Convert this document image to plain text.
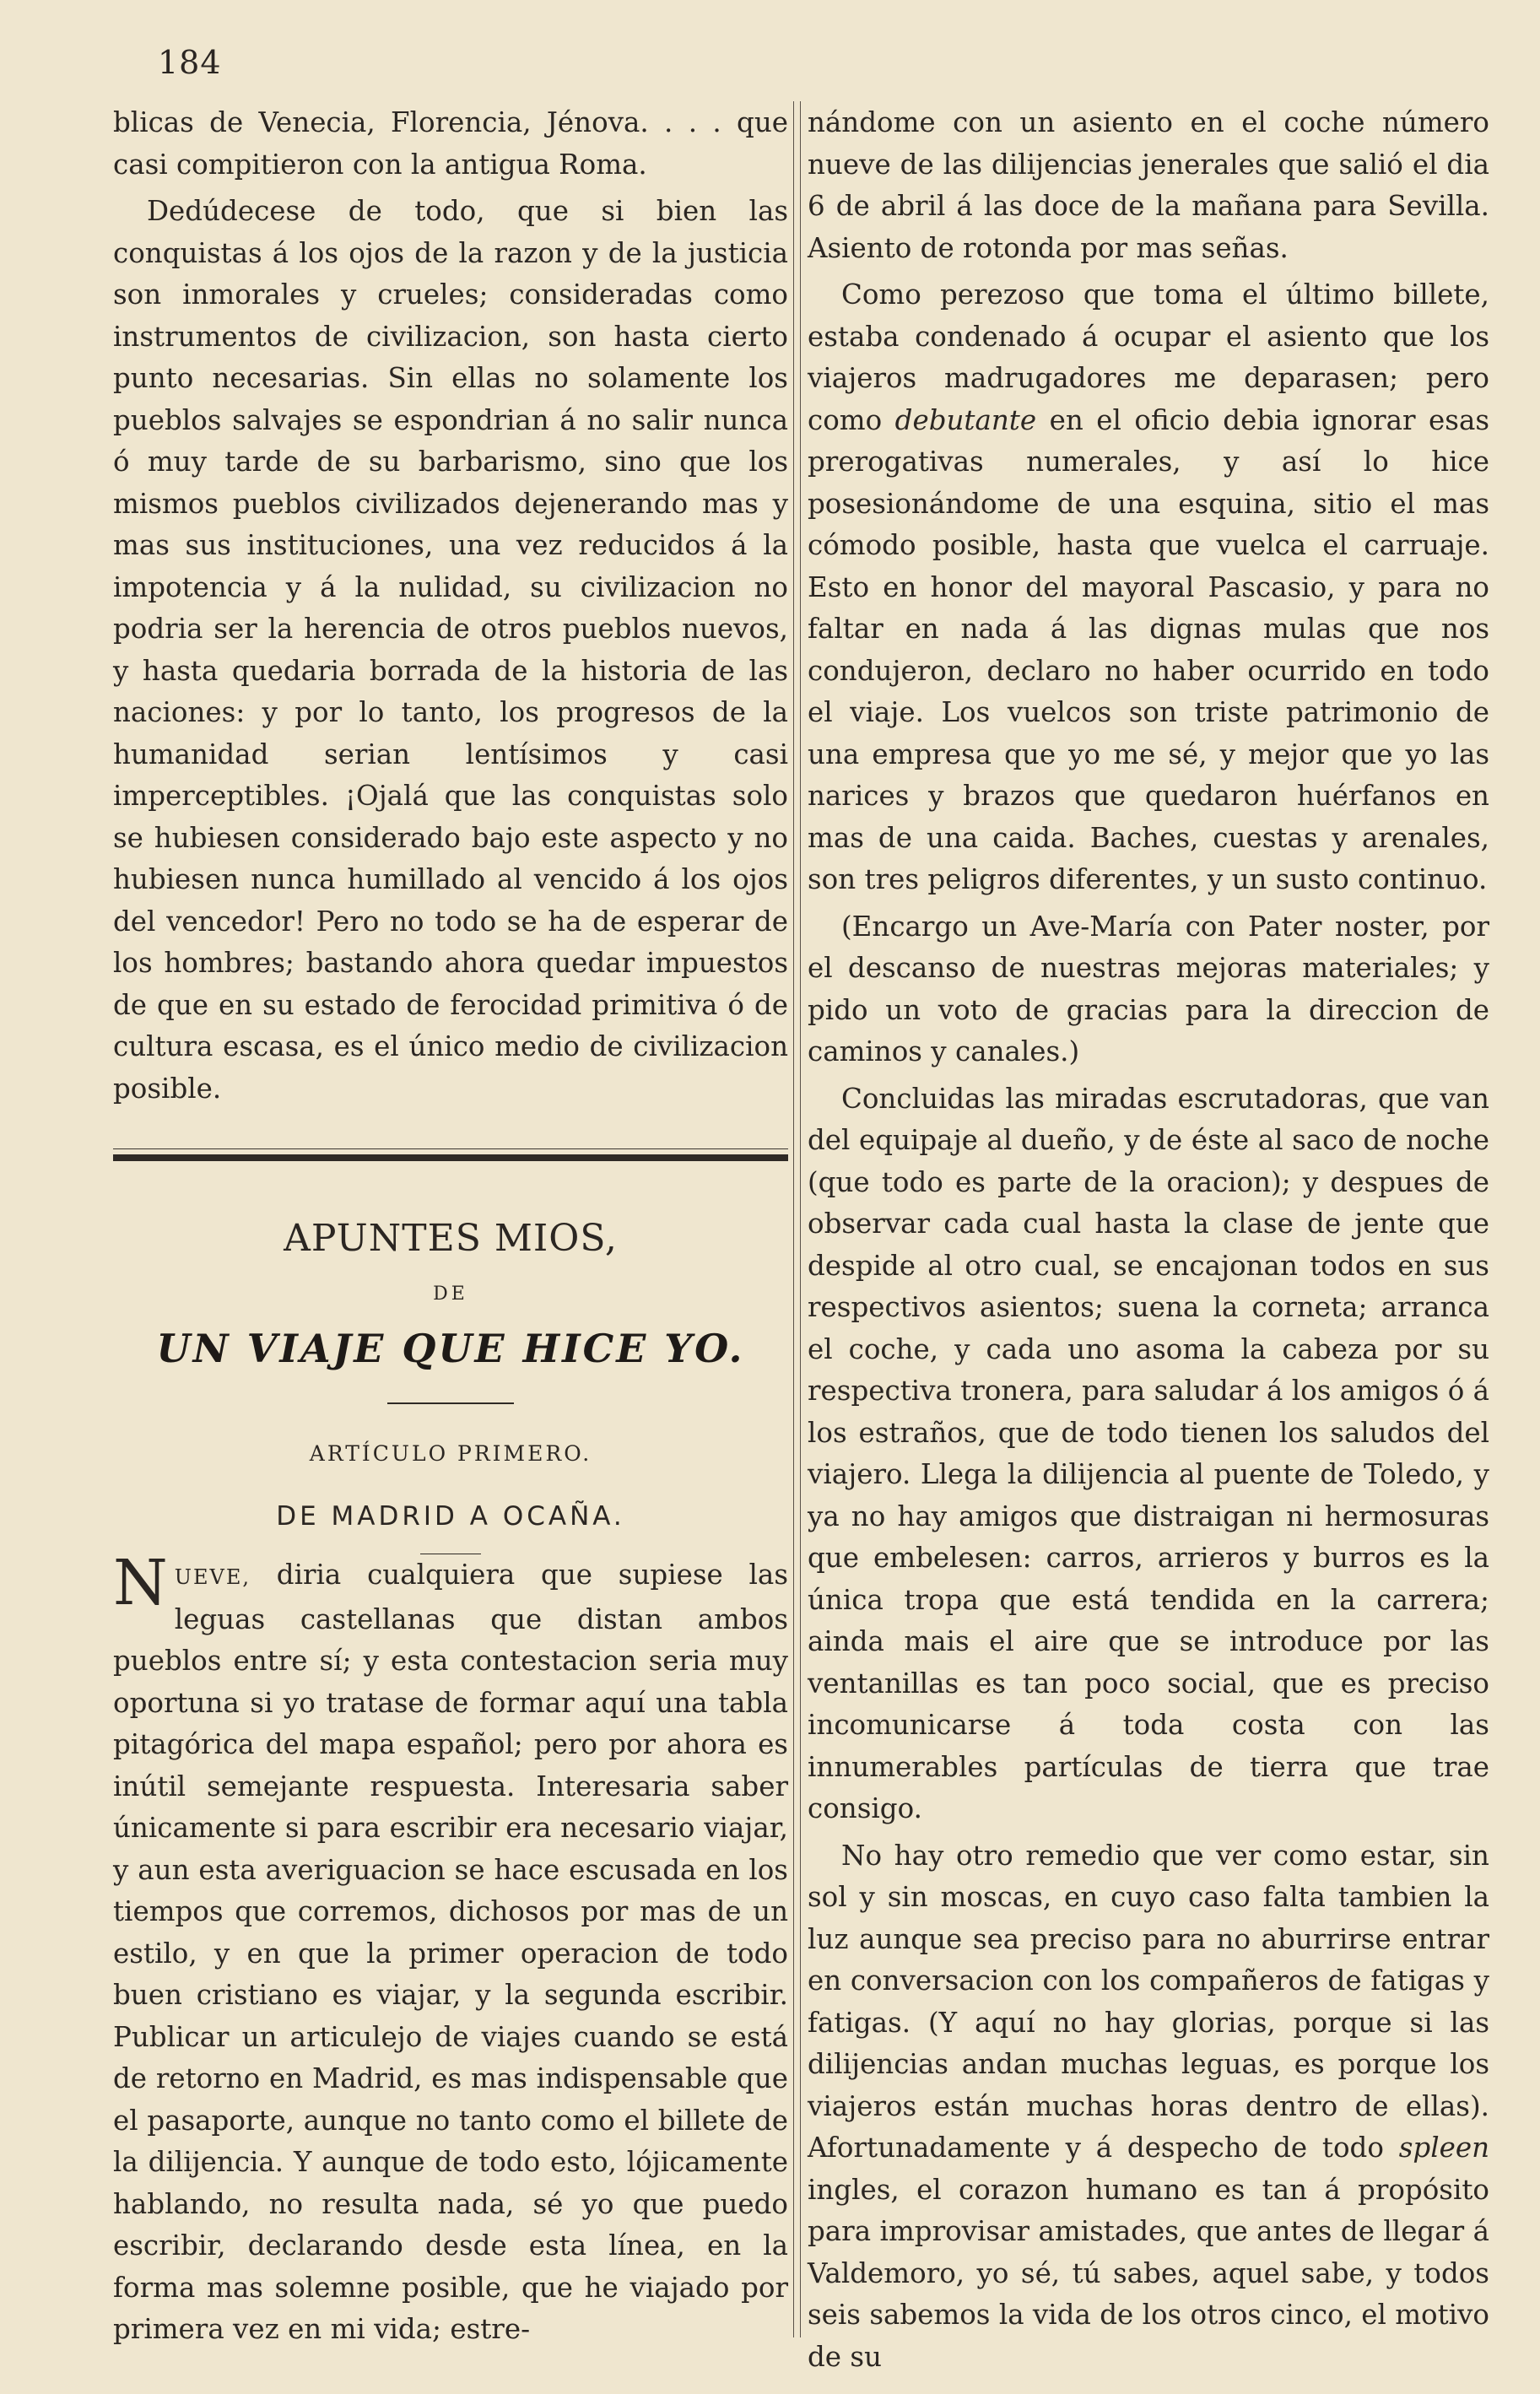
184

blicas de Venecia, Florencia, Jénova. . . . que casi compitieron con la antigua Roma.

Dedúdecese de todo, que si bien las conquistas á los ojos de la razon y de la justicia son inmorales y crueles; consideradas como instrumentos de civilizacion, son hasta cierto punto necesarias. Sin ellas no solamente los pueblos salvajes se espondrian á no salir nunca ó muy tarde de su barbarismo, sino que los mismos pueblos civilizados dejenerando mas y mas sus instituciones, una vez reducidos á la impotencia y á la nulidad, su civilizacion no podria ser la herencia de otros pueblos nuevos, y hasta quedaria borrada de la historia de las naciones: y por lo tanto, los progresos de la humanidad serian lentísimos y casi imperceptibles. ¡Ojalá que las conquistas solo se hubiesen considerado bajo este aspecto y no hubiesen nunca humillado al vencido á los ojos del vencedor! Pero no todo se ha de esperar de los hombres; bastando ahora quedar impuestos de que en su estado de ferocidad primitiva ó de cultura escasa, es el único medio de civilizacion posible.

APUNTES MIOS,
DE
UN VIAJE QUE HICE YO.
ARTÍCULO PRIMERO.
DE MADRID A OCAÑA.

NUEVE, diria cualquiera que supiese las leguas castellanas que distan ambos pueblos entre sí; y esta contestacion seria muy oportuna si yo tratase de formar aquí una tabla pitagórica del mapa español; pero por ahora es inútil semejante respuesta. Interesaria saber únicamente si para escribir era necesario viajar, y aun esta averiguacion se hace escusada en los tiempos que corremos, dichosos por mas de un estilo, y en que la primer operacion de todo buen cristiano es viajar, y la segunda escribir. Publicar un articulejo de viajes cuando se está de retorno en Madrid, es mas indispensable que el pasaporte, aunque no tanto como el billete de la dilijencia. Y aunque de todo esto, lójicamente hablando, no resulta nada, sé yo que puedo escribir, declarando desde esta línea, en la forma mas solemne posible, que he viajado por primera vez en mi vida; estre-

nándome con un asiento en el coche número nueve de las dilijencias jenerales que salió el dia 6 de abril á las doce de la mañana para Sevilla. Asiento de rotonda por mas señas.

Como perezoso que toma el último billete, estaba condenado á ocupar el asiento que los viajeros madrugadores me deparasen; pero como debutante en el oficio debia ignorar esas prerogativas numerales, y así lo hice posesionándome de una esquina, sitio el mas cómodo posible, hasta que vuelca el carruaje. Esto en honor del mayoral Pascasio, y para no faltar en nada á las dignas mulas que nos condujeron, declaro no haber ocurrido en todo el viaje. Los vuelcos son triste patrimonio de una empresa que yo me sé, y mejor que yo las narices y brazos que quedaron huérfanos en mas de una caida. Baches, cuestas y arenales, son tres peligros diferentes, y un susto continuo.

(Encargo un Ave-María con Pater noster, por el descanso de nuestras mejoras materiales; y pido un voto de gracias para la direccion de caminos y canales.)

Concluidas las miradas escrutadoras, que van del equipaje al dueño, y de éste al saco de noche (que todo es parte de la oracion); y despues de observar cada cual hasta la clase de jente que despide al otro cual, se encajonan todos en sus respectivos asientos; suena la corneta; arranca el coche, y cada uno asoma la cabeza por su respectiva tronera, para saludar á los amigos ó á los estraños, que de todo tienen los saludos del viajero. Llega la dilijencia al puente de Toledo, y ya no hay amigos que distraigan ni hermosuras que embelesen: carros, arrieros y burros es la única tropa que está tendida en la carrera; ainda mais el aire que se introduce por las ventanillas es tan poco social, que es preciso incomunicarse á toda costa con las innumerables partículas de tierra que trae consigo.

No hay otro remedio que ver como estar, sin sol y sin moscas, en cuyo caso falta tambien la luz aunque sea preciso para no aburrirse entrar en conversacion con los compañeros de fatigas y fatigas. (Y aquí no hay glorias, porque si las dilijencias andan muchas leguas, es porque los viajeros están muchas horas dentro de ellas). Afortunadamente y á despecho de todo spleen ingles, el corazon humano es tan á propósito para improvisar amistades, que antes de llegar á Valdemoro, yo sé, tú sabes, aquel sabe, y todos seis sabemos la vida de los otros cinco, el motivo de su
